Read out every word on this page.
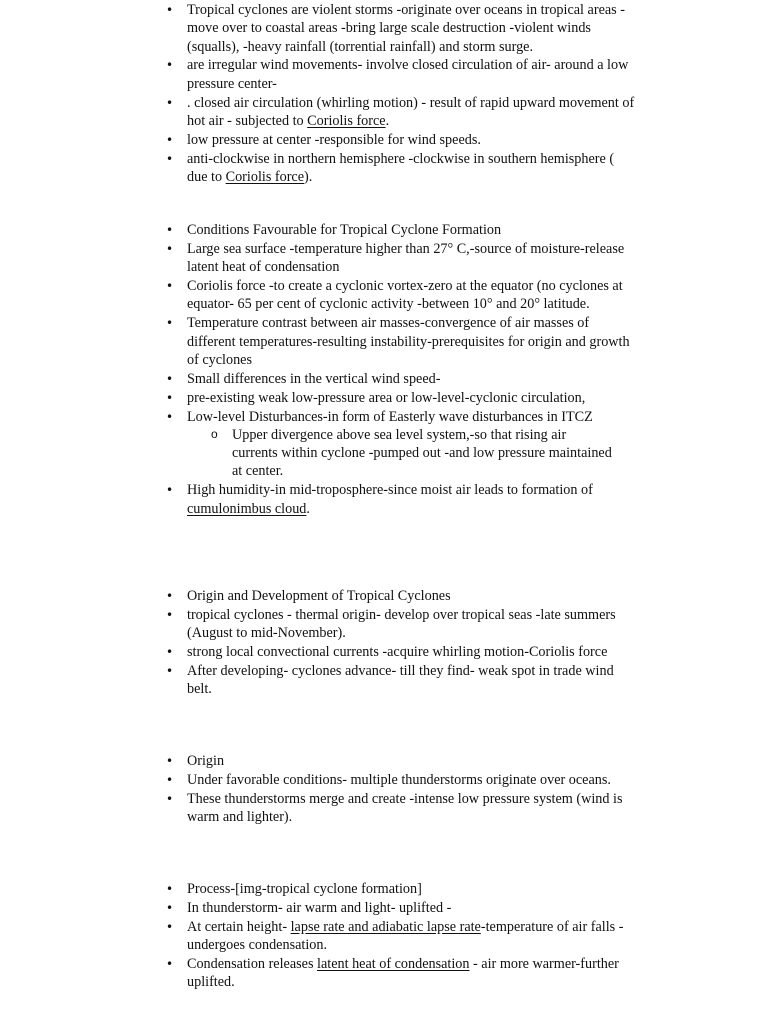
• Tropical cyclones are violent storms -originate over oceans in tropical areas -move over to coastal areas -bring large scale destruction -violent winds (squalls), -heavy rainfall (torrential rainfall) and storm surge.
• are irregular wind movements- involve closed circulation of air- around a low pressure center-
• . closed air circulation (whirling motion) - result of rapid upward movement of hot air - subjected to Coriolis force.
• low pressure at center -responsible for wind speeds.
• anti-clockwise in northern hemisphere -clockwise in southern hemisphere ( due to Coriolis force).
• Conditions Favourable for Tropical Cyclone Formation
• Large sea surface -temperature higher than 27° C,-source of moisture-release latent heat of condensation
• Coriolis force -to create a cyclonic vortex-zero at the equator (no cyclones at equator- 65 per cent of cyclonic activity -between 10° and 20° latitude.
• Temperature contrast between air masses-convergence of air masses of different temperatures-resulting instability-prerequisites for origin and growth of cyclones
• Small differences in the vertical wind speed-
• pre-existing weak low-pressure area or low-level-cyclonic circulation,
• Low-level Disturbances-in form of Easterly wave disturbances in ITCZ
o Upper divergence above sea level system,-so that rising air currents within cyclone -pumped out -and low pressure maintained at center.
• High humidity-in mid-troposphere-since moist air leads to formation of cumulonimbus cloud.
• Origin and Development of Tropical Cyclones
• tropical cyclones - thermal origin- develop over tropical seas -late summers (August to mid-November).
• strong local convectional currents -acquire whirling motion-Coriolis force
• After developing- cyclones advance- till they find- weak spot in trade wind belt.
• Origin
• Under favorable conditions- multiple thunderstorms originate over oceans.
• These thunderstorms merge and create -intense low pressure system (wind is warm and lighter).
• Process-[img-tropical cyclone formation]
• In thunderstorm- air warm and light- uplifted -
• At certain height- lapse rate and adiabatic lapse rate-temperature of air falls - undergoes condensation.
• Condensation releases latent heat of condensation - air more warmer-further uplifted.
